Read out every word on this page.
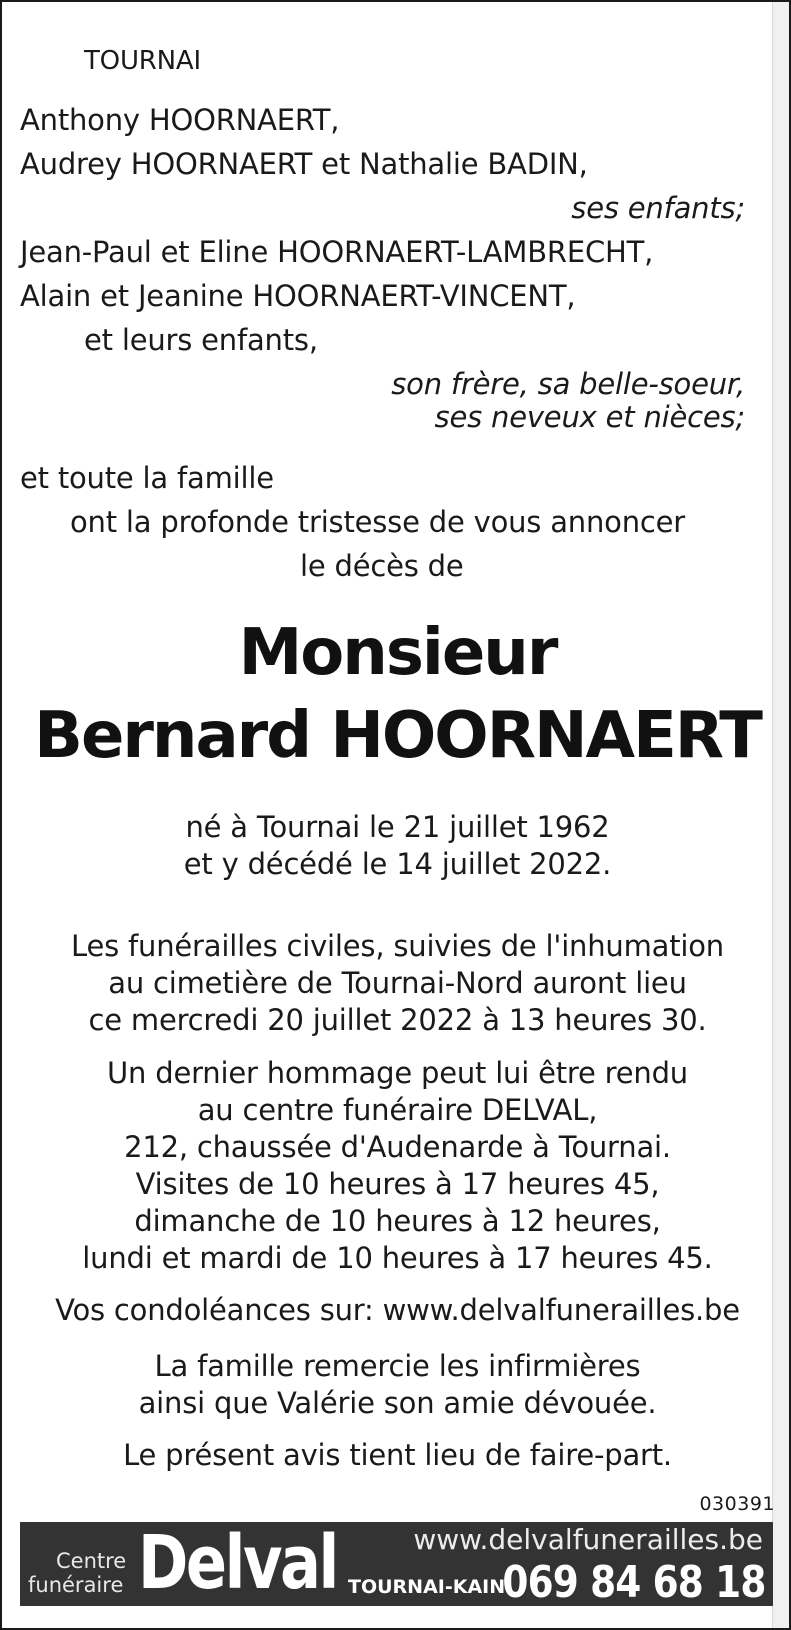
TOURNAI
Anthony HOORNAERT,
Audrey HOORNAERT et Nathalie BADIN,
ses enfants;
Jean-Paul et Eline HOORNAERT-LAMBRECHT,
Alain et Jeanine HOORNAERT-VINCENT,
et leurs enfants,
son frère, sa belle-soeur,
ses neveux et nièces;
et toute la famille
ont la profonde tristesse de vous annoncer
le décès de
Monsieur
Bernard HOORNAERT
né à Tournai le 21 juillet 1962
et y décédé le 14 juillet 2022.
Les funérailles civiles, suivies de l'inhumation
au cimetière de Tournai-Nord auront lieu
ce mercredi 20 juillet 2022 à 13 heures 30.
Un dernier hommage peut lui être rendu
au centre funéraire DELVAL,
212, chaussée d'Audenarde à Tournai.
Visites de 10 heures à 17 heures 45,
dimanche de 10 heures à 12 heures,
lundi et mardi de 10 heures à 17 heures 45.
Vos condoléances sur: www.delvalfunerailles.be
La famille remercie les infirmières
ainsi que Valérie son amie dévouée.
Le présent avis tient lieu de faire-part.
030391
Centre
funéraire Delval	www.delvalfunerailles.be
TOURNAI-KAIN
069 84 68 18
